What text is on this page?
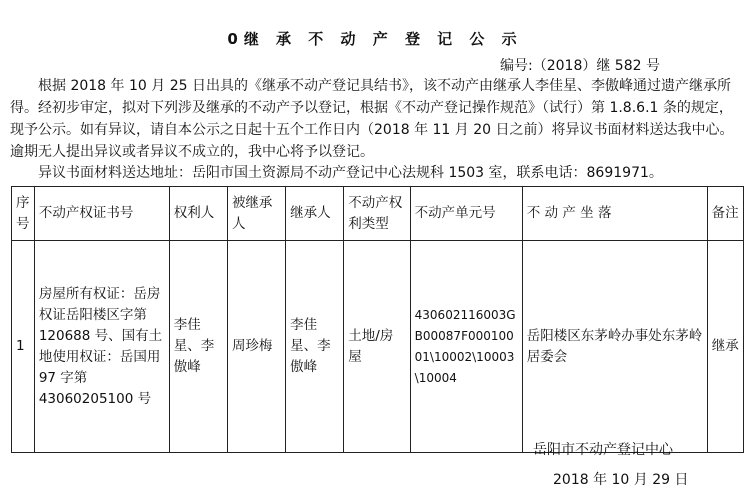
0继 承 不 动 产 登 记 公 示
编号:（2018）继 582 号
根据 2018 年 10 月 25 日出具的《继承不动产登记具结书》，该不动产由继承人李佳星、李傲峰通过遗产继承所得。 经初步审定，拟对下列涉及继承的不动产予以登记，根据《不动产登记操作规范》（试行）第 1.8.6.1 条的规定，现予公示。如有异议，请自本公示之日起十五个工作日内（2018 年 11 月 20 日之前）将异议书面材料送达我中心。逾期无人提出异议或者异议不成立的，我中心将予以登记。
异议书面材料送达地址：岳阳市国土资源局不动产登记中心法规科 1503 室，联系电话：8691971。
序号	不动产权证书号	权利人	被继承人	继承人	不动产权利类型	不动产单元号	不 动 产 坐 落	备注
1	房屋所有权证：岳房权证岳阳楼区字第 120688 号、国有土地使用权证：岳国用 97 字第 43060205100 号	李佳星、李傲峰	周珍梅	李佳星、李傲峰	土地/房屋	430602116003GB00087F00010001\10002\10003\10004	岳阳楼区东茅岭办事处东茅岭居委会	继承
岳阳市不动产登记中心
2018 年 10 月 29 日
